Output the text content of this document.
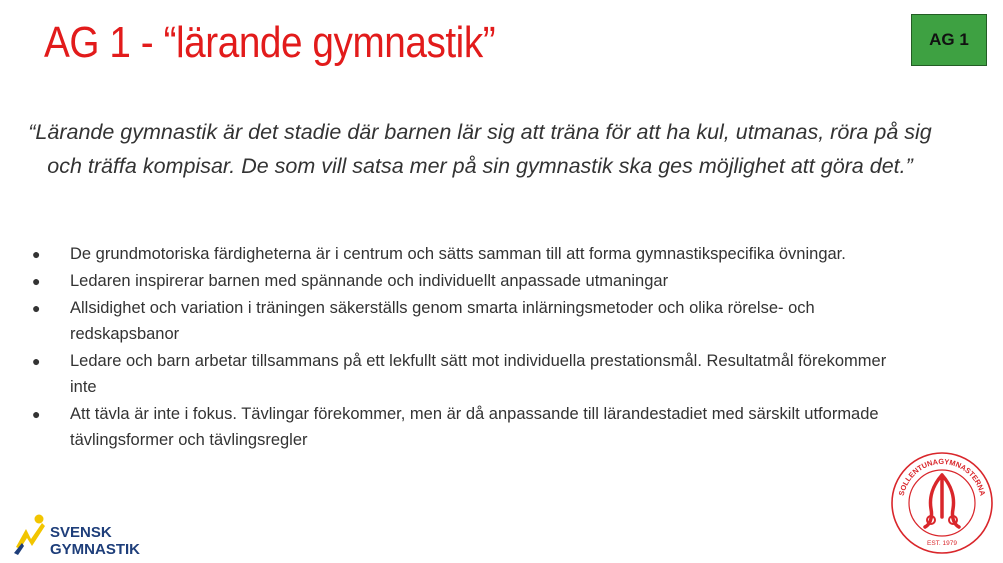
AG 1 - “lärande gymnastik”	AG 1
“Lärande gymnastik är det stadie där barnen lär sig att träna för att ha kul, utmanas, röra på sig och träffa kompisar. De som vill satsa mer på sin gymnastik ska ges möjlighet att göra det.”
● De grundmotoriska färdigheterna är i centrum och sätts samman till att forma gymnastikspecifika övningar.
● Ledaren inspirerar barnen med spännande och individuellt anpassade utmaningar
● Allsidighet och variation i träningen säkerställs genom smarta inlärningsmetoder och olika rörelse- och redskapsbanor
● Ledare och barn arbetar tillsammans på ett lekfullt sätt mot individuella prestationsmål. Resultatmål förekommer inte
● Att tävla är inte i fokus. Tävlingar förekommer, men är då anpassande till lärandestadiet med särskilt utformade tävlingsformer och tävlingsregler
SVENSK
GYMNASTIK
SOLLENTUNAGYMNASTERNA
EST. 1979
